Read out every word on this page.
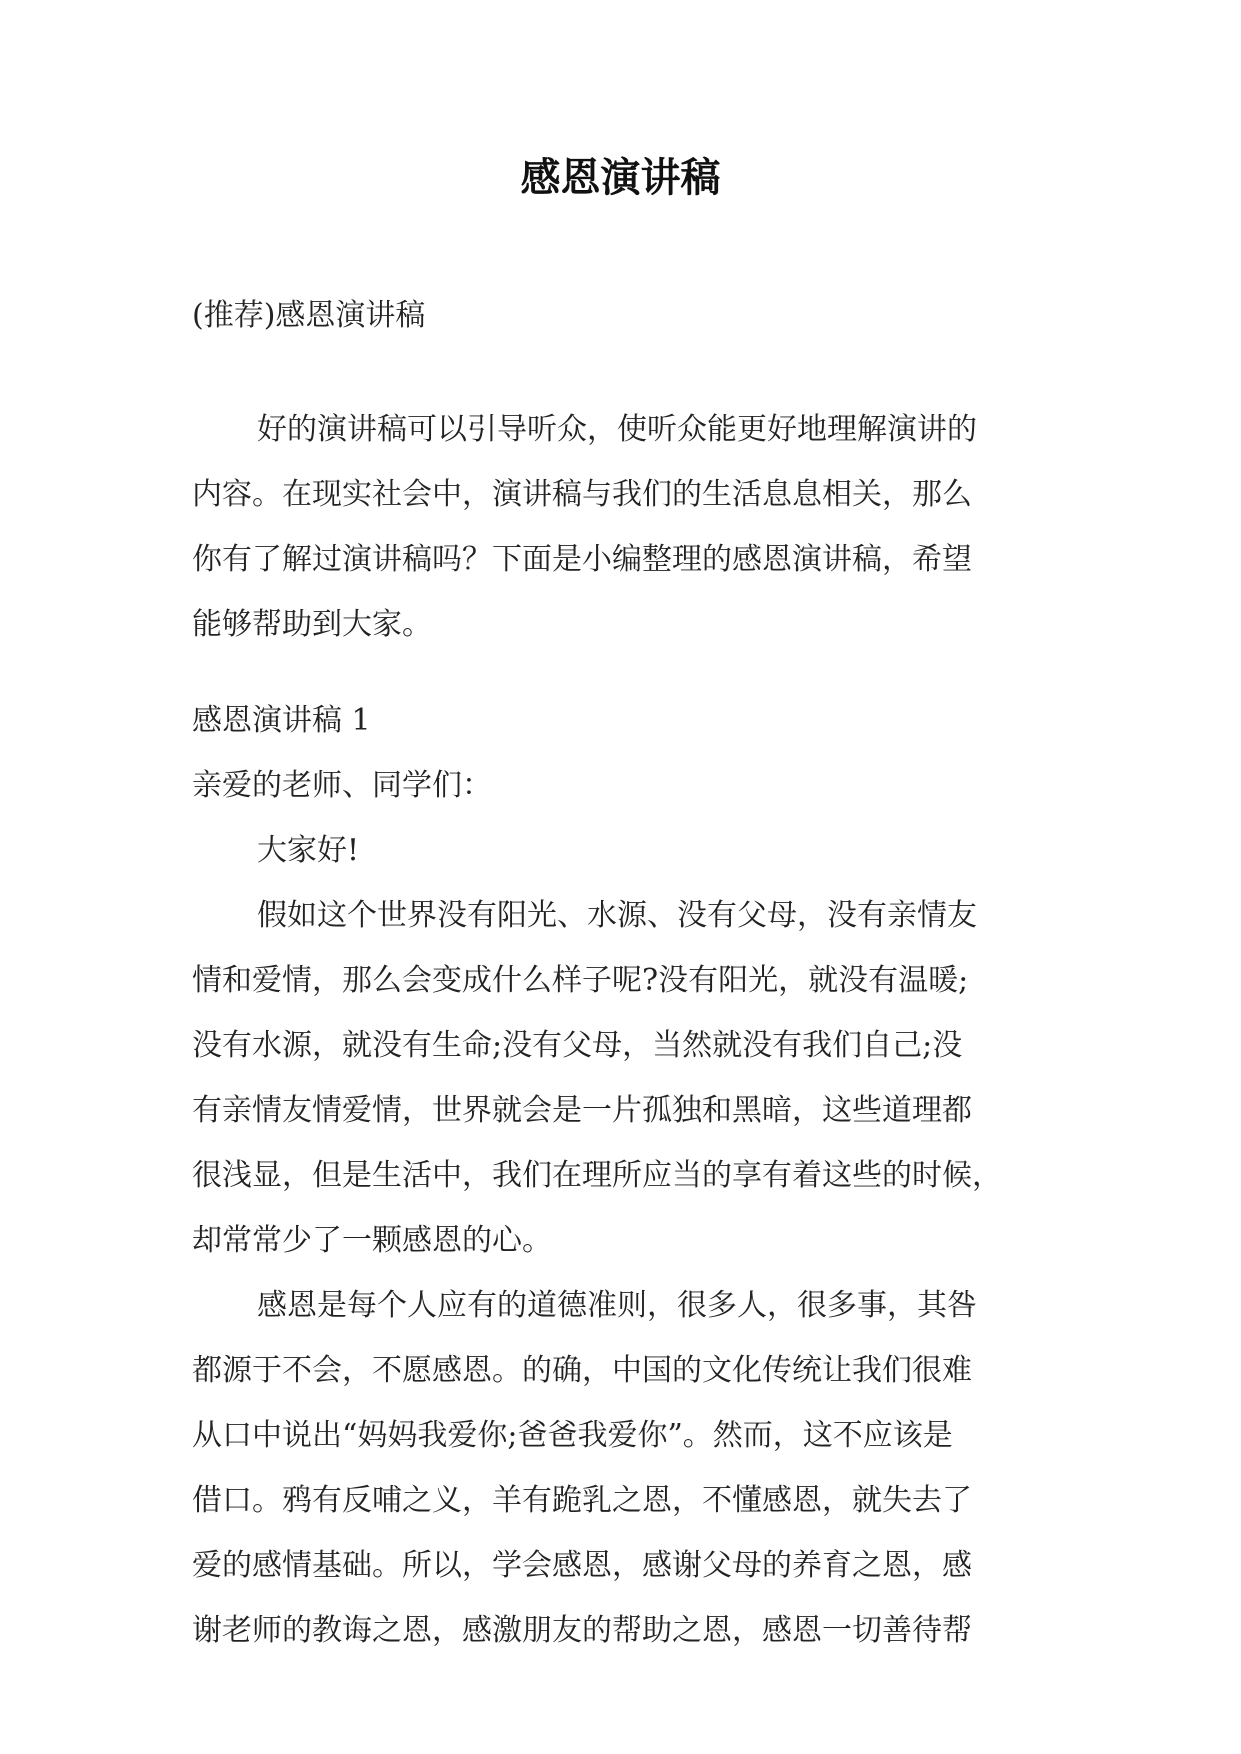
感恩演讲稿
(推荐)感恩演讲稿
好的演讲稿可以引导听众，使听众能更好地理解演讲的
内容。在现实社会中，演讲稿与我们的生活息息相关，那么
你有了解过演讲稿吗？下面是小编整理的感恩演讲稿，希望
能够帮助到大家。
感恩演讲稿 1
亲爱的老师、同学们：
大家好!
假如这个世界没有阳光、水源、没有父母，没有亲情友
情和爱情，那么会变成什么样子呢?没有阳光，就没有温暖;
没有水源，就没有生命;没有父母，当然就没有我们自己;没
有亲情友情爱情，世界就会是一片孤独和黑暗，这些道理都
很浅显，但是生活中，我们在理所应当的享有着这些的时候，
却常常少了一颗感恩的心。
感恩是每个人应有的道德准则，很多人，很多事，其咎
都源于不会，不愿感恩。的确，中国的文化传统让我们很难
从口中说出“妈妈我爱你;爸爸我爱你”。然而，这不应该是
借口。鸦有反哺之义，羊有跪乳之恩，不懂感恩，就失去了
爱的感情基础。所以，学会感恩，感谢父母的养育之恩，感
谢老师的教诲之恩，感激朋友的帮助之恩，感恩一切善待帮
